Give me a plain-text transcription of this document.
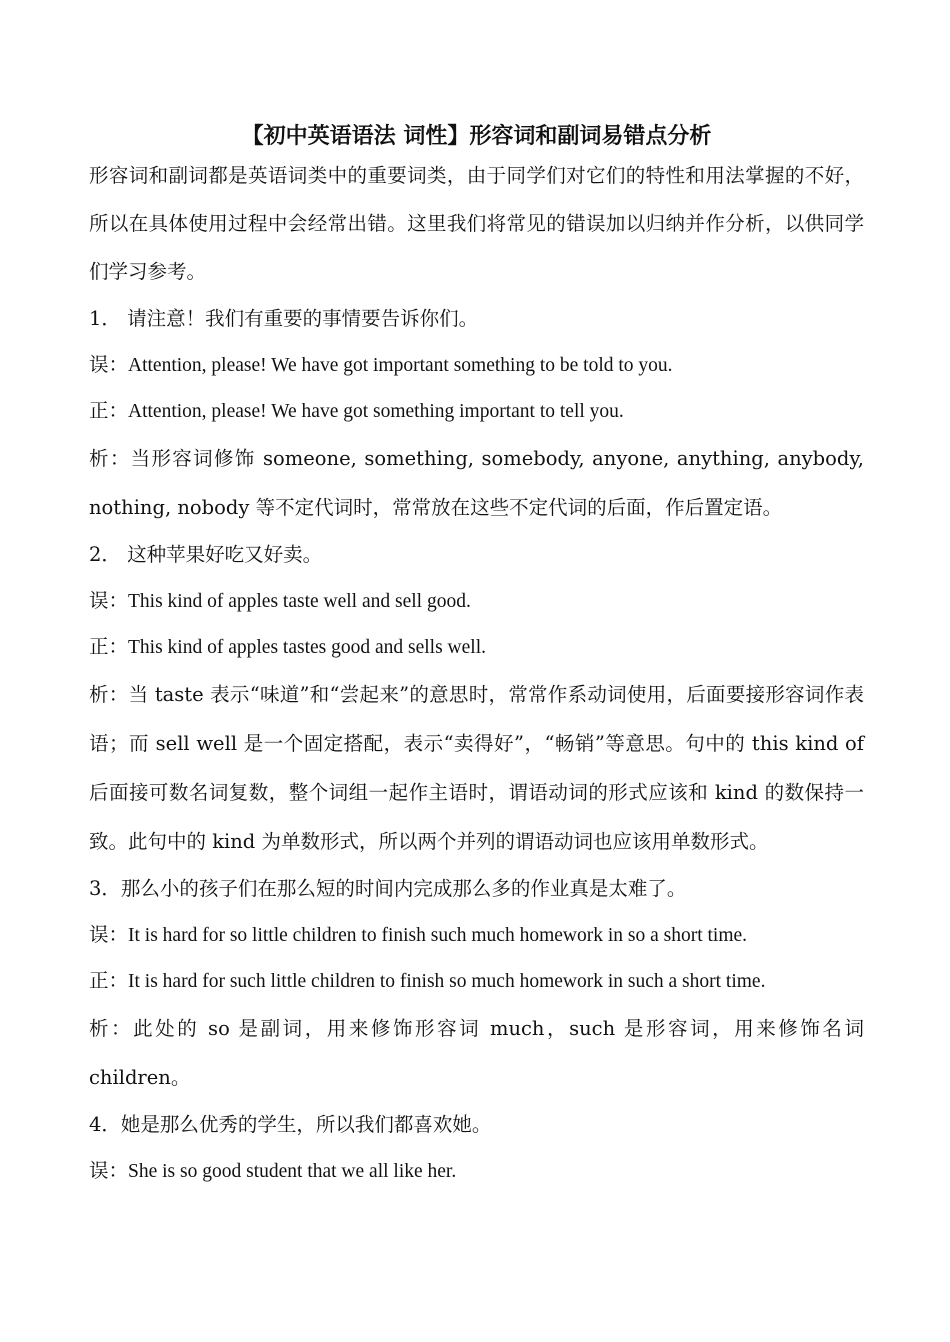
【初中英语语法 词性】形容词和副词易错点分析

形容词和副词都是英语词类中的重要词类，由于同学们对它们的特性和用法掌握的不好，所以在具体使用过程中会经常出错。这里我们将常见的错误加以归纳并作分析，以供同学们学习参考。

1． 请注意！我们有重要的事情要告诉你们。

误：Attention, please! We have got important something to be told to you.

正：Attention, please! We have got something important to tell you.

析：当形容词修饰 someone, something, somebody, anyone, anything, anybody, nothing, nobody 等不定代词时，常常放在这些不定代词的后面，作后置定语。

2． 这种苹果好吃又好卖。

误：This kind of apples taste well and sell good.

正：This kind of apples tastes good and sells well.

析：当 taste 表示“味道”和“尝起来”的意思时，常常作系动词使用，后面要接形容词作表语；而 sell well 是一个固定搭配，表示“卖得好”，“畅销”等意思。句中的 this kind of 后面接可数名词复数，整个词组一起作主语时，谓语动词的形式应该和 kind 的数保持一致。此句中的 kind 为单数形式，所以两个并列的谓语动词也应该用单数形式。

3．那么小的孩子们在那么短的时间内完成那么多的作业真是太难了。

误：It is hard for so little children to finish such much homework in so a short time.

正：It is hard for such little children to finish so much homework in such a short time.

析：此处的 so 是副词，用来修饰形容词 much，such 是形容词，用来修饰名词 children。

4．她是那么优秀的学生，所以我们都喜欢她。

误：She is so good student that we all like her.
